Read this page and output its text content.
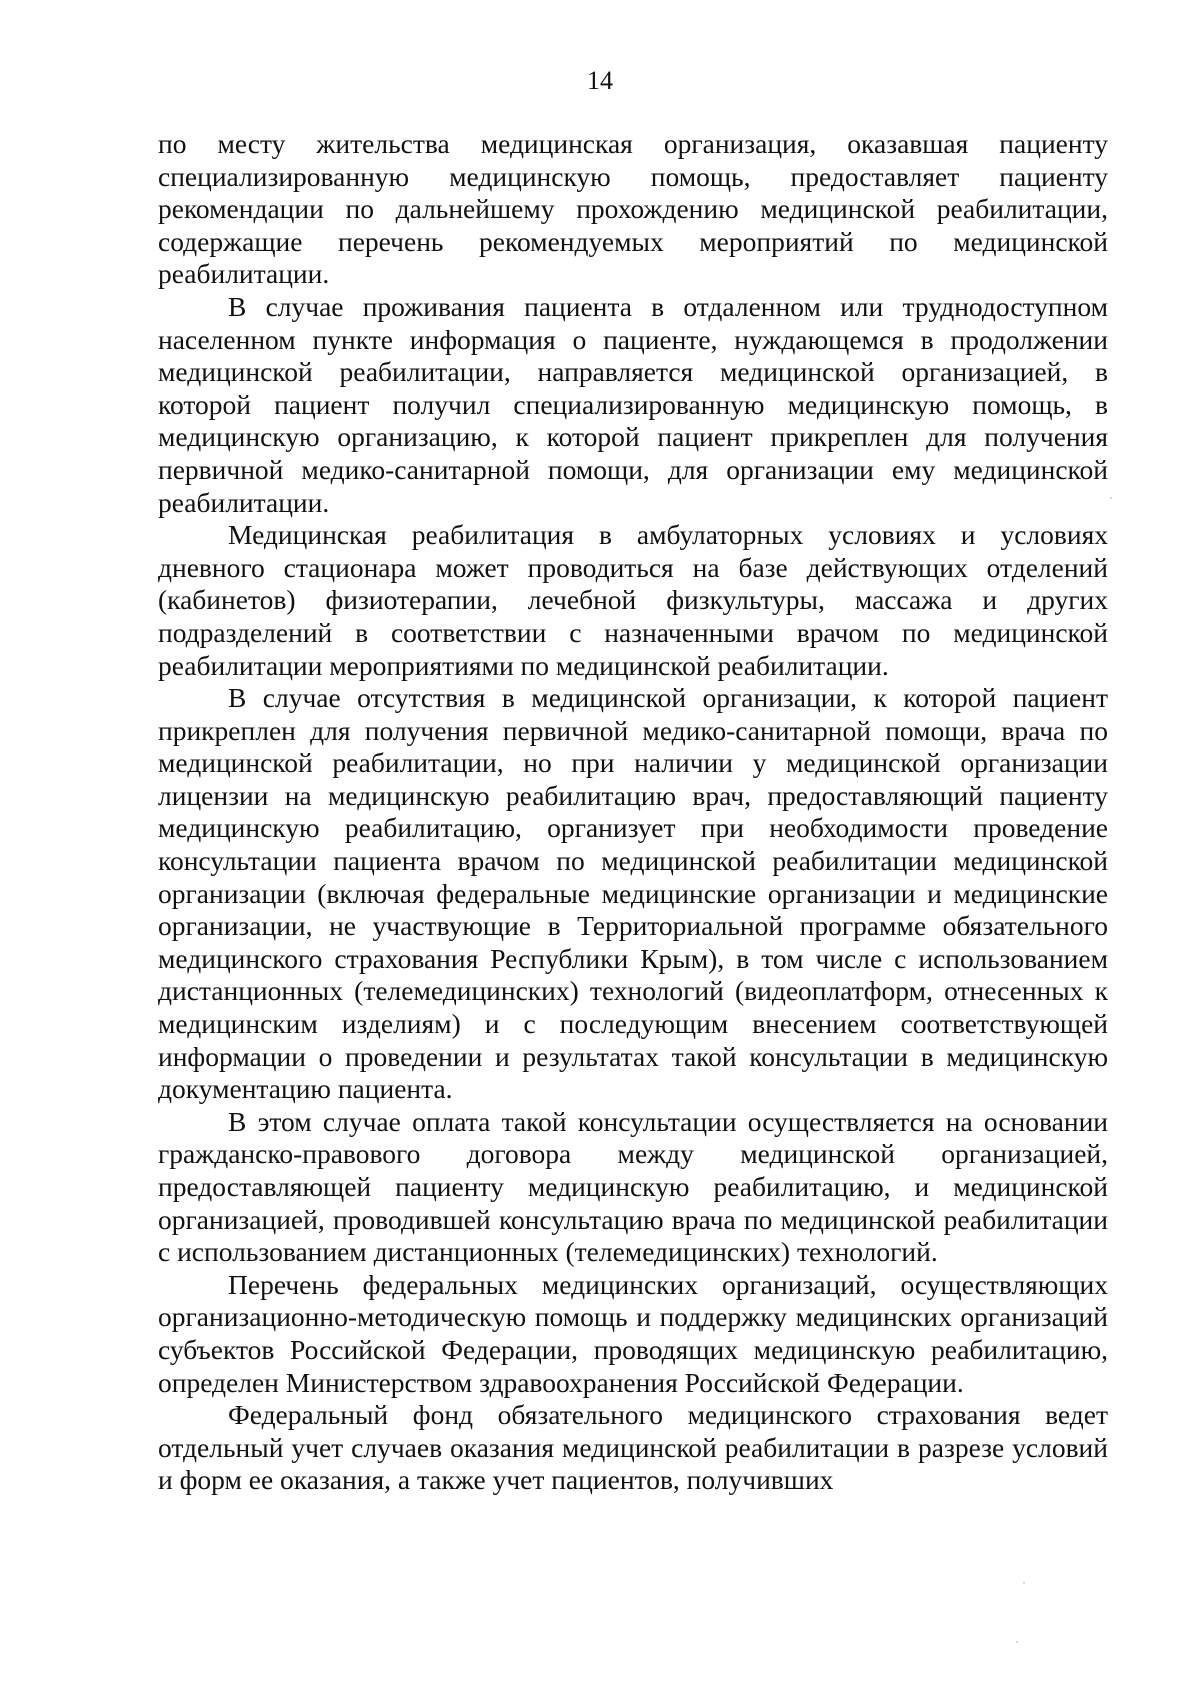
14

по месту жительства медицинская организация, оказавшая пациенту специализированную медицинскую помощь, предоставляет пациенту рекомендации по дальнейшему прохождению медицинской реабилитации, содержащие перечень рекомендуемых мероприятий по медицинской реабилитации.

В случае проживания пациента в отдаленном или труднодоступном населенном пункте информация о пациенте, нуждающемся в продолжении медицинской реабилитации, направляется медицинской организацией, в которой пациент получил специализированную медицинскую помощь, в медицинскую организацию, к которой пациент прикреплен для получения первичной медико-санитарной помощи, для организации ему медицинской реабилитации.

Медицинская реабилитация в амбулаторных условиях и условиях дневного стационара может проводиться на базе действующих отделений (кабинетов) физиотерапии, лечебной физкультуры, массажа и других подразделений в соответствии с назначенными врачом по медицинской реабилитации мероприятиями по медицинской реабилитации.

В случае отсутствия в медицинской организации, к которой пациент прикреплен для получения первичной медико-санитарной помощи, врача по медицинской реабилитации, но при наличии у медицинской организации лицензии на медицинскую реабилитацию врач, предоставляющий пациенту медицинскую реабилитацию, организует при необходимости проведение консультации пациента врачом по медицинской реабилитации медицинской организации (включая федеральные медицинские организации и медицинские организации, не участвующие в Территориальной программе обязательного медицинского страхования Республики Крым), в том числе с использованием дистанционных (телемедицинских) технологий (видеоплатформ, отнесенных к медицинским изделиям) и с последующим внесением соответствующей информации о проведении и результатах такой консультации в медицинскую документацию пациента.

В этом случае оплата такой консультации осуществляется на основании гражданско-правового договора между медицинской организацией, предоставляющей пациенту медицинскую реабилитацию, и медицинской организацией, проводившей консультацию врача по медицинской реабилитации с использованием дистанционных (телемедицинских) технологий.

Перечень федеральных медицинских организаций, осуществляющих организационно-методическую помощь и поддержку медицинских организаций субъектов Российской Федерации, проводящих медицинскую реабилитацию, определен Министерством здравоохранения Российской Федерации.

Федеральный фонд обязательного медицинского страхования ведет отдельный учет случаев оказания медицинской реабилитации в разрезе условий и форм ее оказания, а также учет пациентов, получивших
